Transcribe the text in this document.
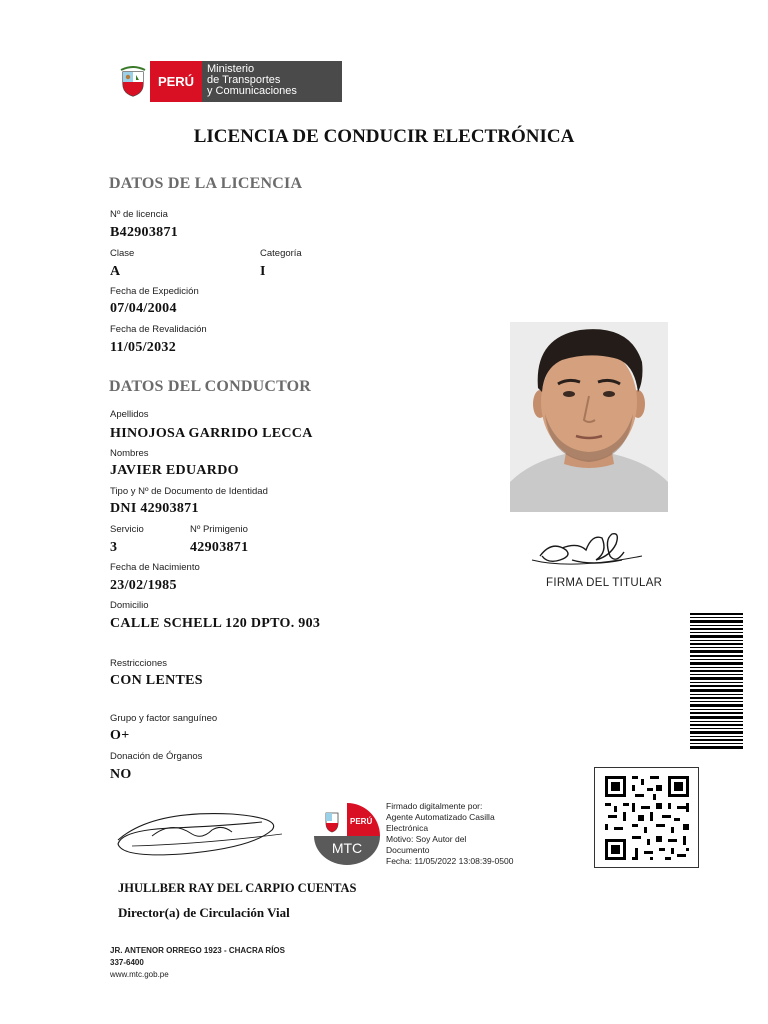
PERÚ
Ministerio
de Transportes
y Comunicaciones
LICENCIA DE CONDUCIR ELECTRÓNICA
DATOS DE LA LICENCIA
Nº de licencia
B42903871
Clase
A
Categoría
I
Fecha de Expedición
07/04/2004
Fecha de Revalidación
11/05/2032
DATOS DEL CONDUCTOR
Apellidos
HINOJOSA GARRIDO LECCA
Nombres
JAVIER EDUARDO
Tipo y Nº de Documento de Identidad
DNI 42903871
Servicio
3
Nº Primigenio
42903871
Fecha de Nacimiento
23/02/1985
Domicilio
CALLE SCHELL 120 DPTO. 903
Restricciones
CON LENTES
Grupo y factor sanguíneo
O+
Donación de Órganos
NO
FIRMA DEL TITULAR
PERÚ
MTC
Firmado digitalmente por:
Agente Automatizado Casilla
Electrónica
Motivo: Soy Autor del
Documento
Fecha: 11/05/2022 13:08:39-0500
JHULLBER RAY DEL CARPIO CUENTAS
Director(a) de Circulación Vial
JR. ANTENOR ORREGO 1923 - CHACRA RÍOS
337-6400
www.mtc.gob.pe
